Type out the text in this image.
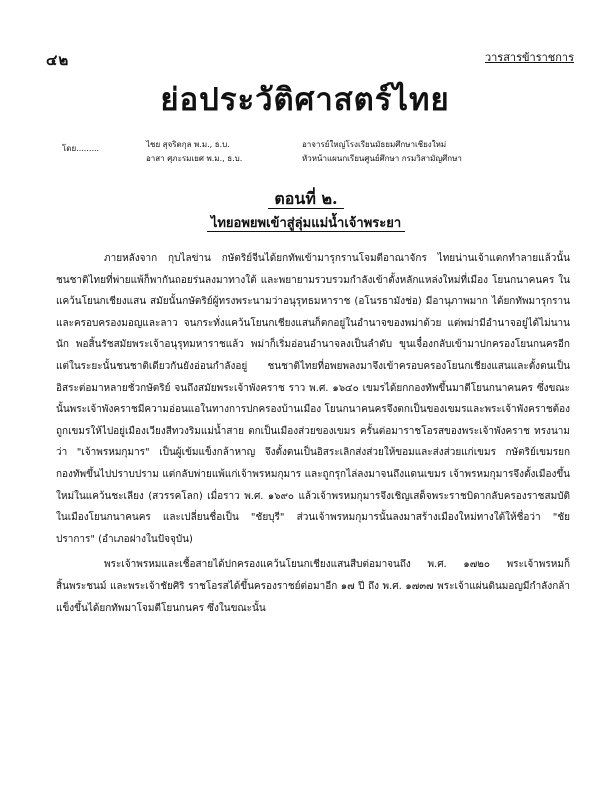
๔๒	วารสารข้าราชการ
ย่อประวัติศาสตร์ไทย
โดย.........	ไชย สุจริตกุล พ.ม., ธ.บ.	อาจารย์ใหญ่โรงเรียนมัธยมศึกษาเชียงใหม่
อาสา ศุภะรมเยศ พ.ม., ธ.บ.	หัวหน้าแผนกเรียนศูนย์ศึกษา กรมวิสามัญศึกษา
ตอนที่ ๒.
ไทยอพยพเข้าสู่ลุ่มแม่น้ำเจ้าพระยา

ภายหลังจาก กุบไลข่าน กษัตริย์จีนได้ยกทัพเข้ามารุกรานโจมตีอาณาจักร ไทยน่านเจ้าแตกทำลายแล้วนั้น ชนชาติไทยที่พ่ายแพ้ก็พากันถอยร่นลงมาทางใต้ และพยายามรวบรวมกำลังเข้าตั้งหลักแหล่งใหม่ที่เมือง โยนกนาคนคร ในแคว้นโยนกเชียงแสน สมัยนั้นกษัตริย์ผู้ทรงพระนามว่าอนุรุทธมหาราช (อโนรธามังช่อ) มีอานุภาพมาก ได้ยกทัพมารุกรานและครอบครองมอญและลาว จนกระทั่งแคว้นโยนกเชียงแสนก็ตกอยู่ในอำนาจของพม่าด้วย แต่พม่ามีอำนาจอยู่ได้ไม่นานนัก พอสิ้นรัชสมัยพระเจ้าอนุรุทมหาราชแล้ว พม่าก็เริ่มอ่อนอำนาจลงเป็นลำดับ ขุนเจื๋องกลับเข้ามาปกครองโยนกนครอีก แต่ในระยะนั้นชนชาติเดียวกันยังอ่อนกำลังอยู่ ชนชาติไทยที่อพยพลงมาจึงเข้าครอบครองโยนกเชียงแสนและตั้งตนเป็นอิสระต่อมาหลายชั่วกษัตริย์ จนถึงสมัยพระเจ้าพังคราช ราว พ.ศ. ๑๖๔๐ เขมรได้ยกกองทัพขึ้นมาตีโยนกนาคนคร ซึ่งขณะนั้นพระเจ้าพังคราชมีความอ่อนแอในทางการปกครองบ้านเมือง โยนกนาคนครจึงตกเป็นของเขมรและพระเจ้าพังคราชต้องถูกเขมรให้ไปอยู่เมืองเวียงสีทวงริมแม่น้ำสาย ตกเป็นเมืองส่วยของเขมร ครั้นต่อมาราชโอรสของพระเจ้าพังคราช ทรงนามว่า "เจ้าพรหมกุมาร" เป็นผู้เข้มแข็งกล้าหาญ จึงตั้งตนเป็นอิสระเลิกส่งส่วยให้ขอมและส่งส่วยแก่เขมร กษัตริย์เขมรยกกองทัพขึ้นไปปราบปราม แต่กลับพ่ายแพ้แก่เจ้าพรหมกุมาร และถูกรุกไล่ลงมาจนถึงแดนเขมร เจ้าพรหมกุมารจึงตั้งเมืองขึ้นใหม่ในแคว้นชะเลียง (สวรรคโลก) เมื่อราว พ.ศ. ๑๖๙๐ แล้วเจ้าพรหมกุมารจึงเชิญเสด็จพระราชบิดากลับครองราชสมบัติในเมืองโยนกนาคนคร และเปลี่ยนชื่อเป็น "ชัยบุรี" ส่วนเจ้าพรหมกุมารนั้นลงมาสร้างเมืองใหม่ทางใต้ให้ชื่อว่า "ชัยปราการ" (อำเภอฝางในปัจจุบัน)

พระเจ้าพรหมและเชื้อสายได้ปกครองแคว้นโยนกเชียงแสนสืบต่อมาจนถึง พ.ศ. ๑๗๒๐ พระเจ้าพรหมก็สิ้นพระชนม์ และพระเจ้าชัยศิริ ราชโอรสได้ขึ้นครองราชย์ต่อมาอีก ๑๗ ปี ถึง พ.ศ. ๑๗๓๗ พระเจ้าแผ่นดินมอญมีกำลังกล้าแข็งขึ้นได้ยกทัพมาโจมตีโยนกนคร ซึ่งในขณะนั้น
